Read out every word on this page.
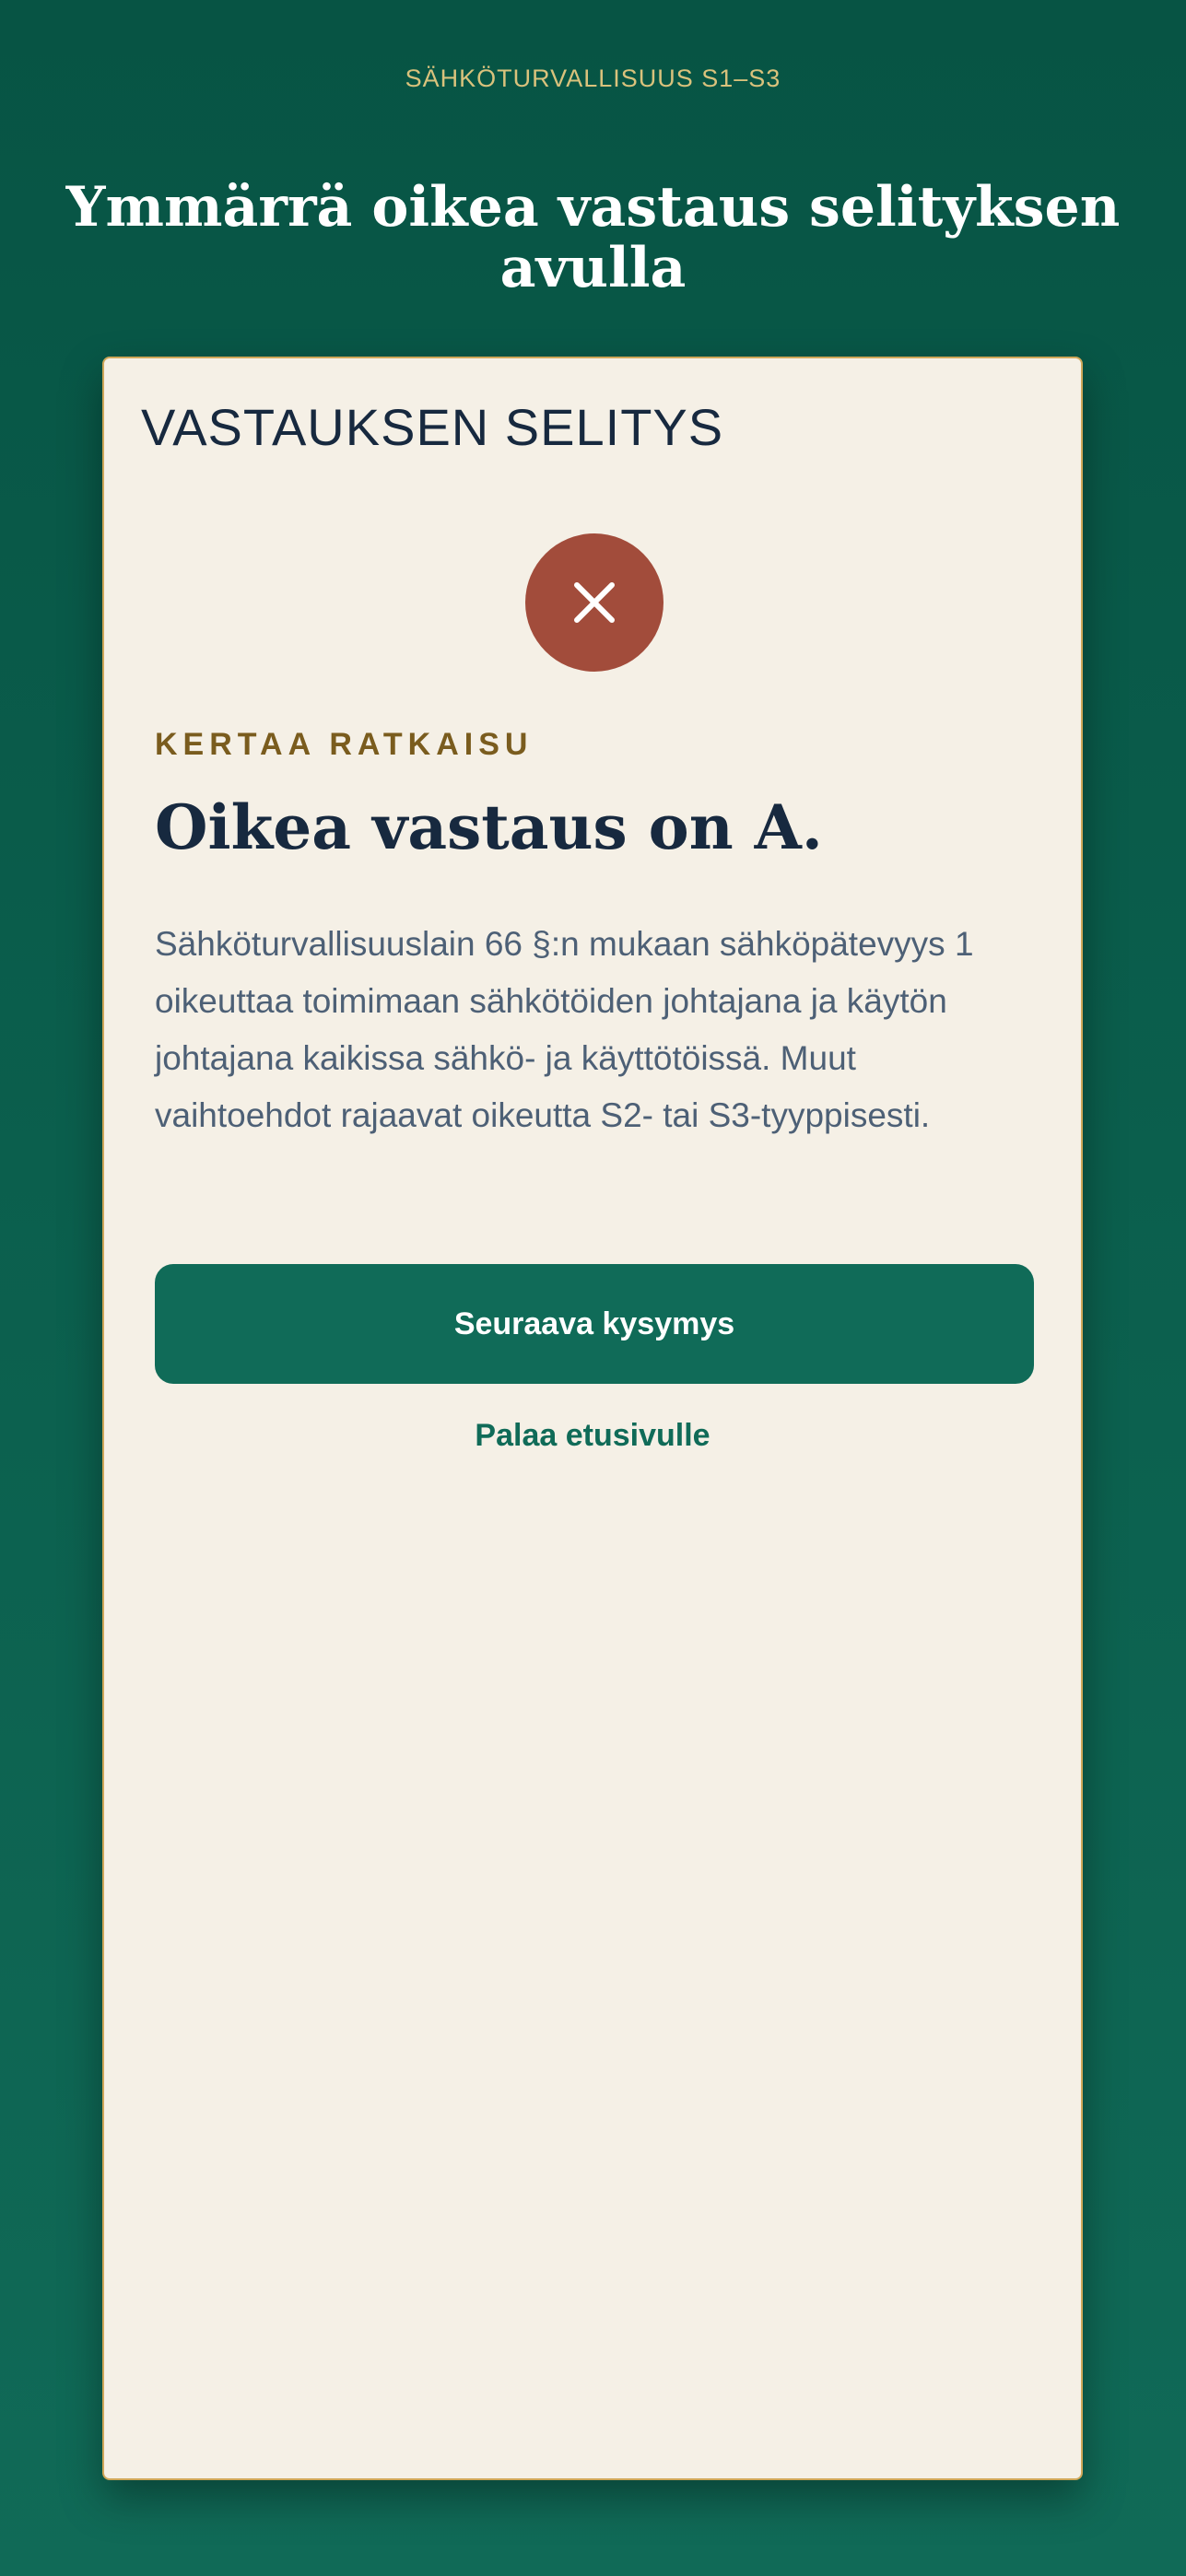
SÄHKÖTURVALLISUUS S1–S3
Ymmärrä oikea vastaus selityksen avulla
VASTAUKSEN SELITYS
KERTAA RATKAISU
Oikea vastaus on A.
Sähköturvallisuuslain 66 §:n mukaan sähköpätevyys 1 oikeuttaa toimimaan sähkötöiden johtajana ja käytön johtajana kaikissa sähkö- ja käyttötöissä. Muut vaihtoehdot rajaavat oikeutta S2- tai S3-tyyppisesti.
Seuraava kysymys
Palaa etusivulle
